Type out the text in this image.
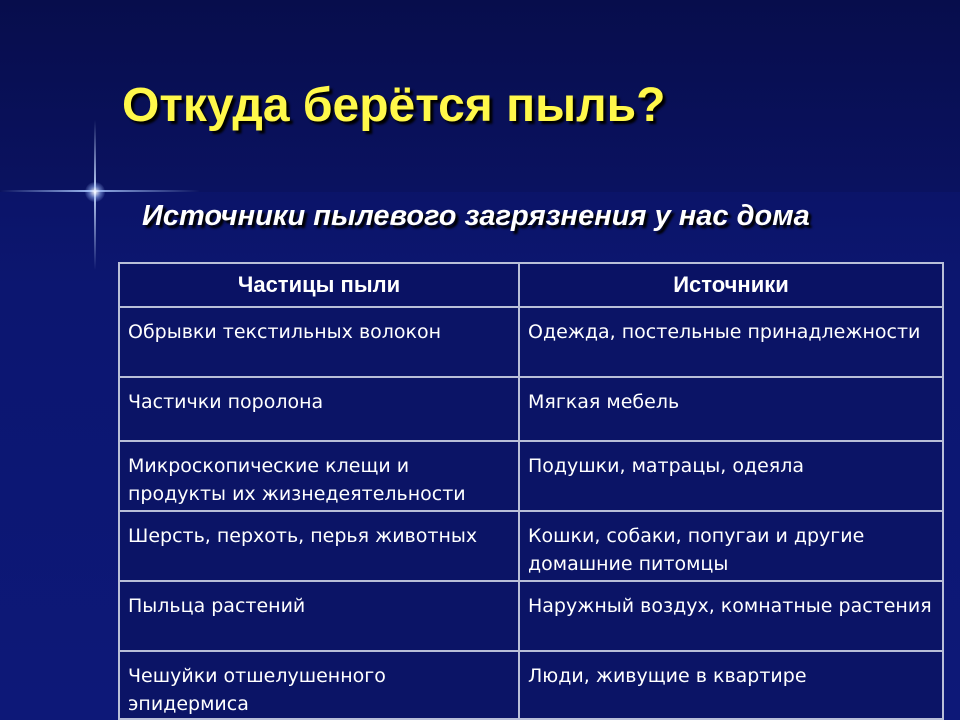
Откуда берётся пыль?
Источники пылевого загрязнения у нас дома
Частицы пыли	Источники
Обрывки текстильных волокон	Одежда, постельные принадлежности
Частички поролона	Мягкая мебель
Микроскопические клещи и продукты их жизнедеятельности	Подушки, матрацы, одеяла
Шерсть, перхоть, перья животных	Кошки, собаки, попугаи и другие домашние питомцы
Пыльца растений	Наружный воздух, комнатные растения
Чешуйки отшелушенного эпидермиса	Люди, живущие в квартире
